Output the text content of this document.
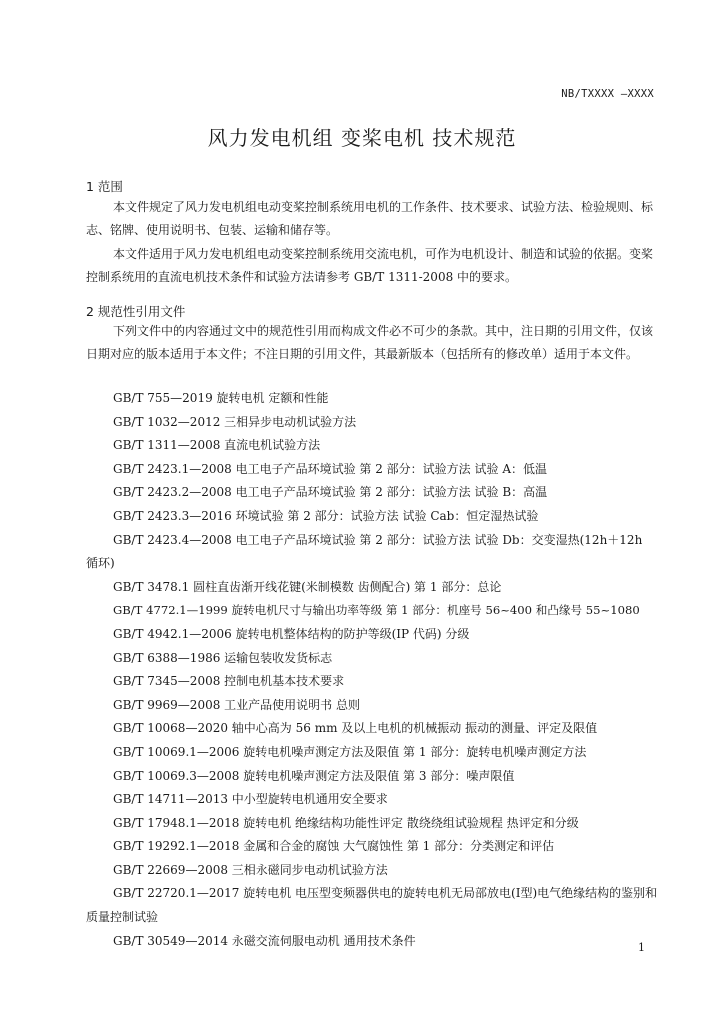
NB/TXXXX —XXXX
风力发电机组 变桨电机 技术规范
1 范围

本文件规定了风力发电机组电动变桨控制系统用电机的工作条件、技术要求、试验方法、检验规则、标志、铭牌、使用说明书、包装、运输和储存等。

本文件适用于风力发电机组电动变桨控制系统用交流电机，可作为电机设计、制造和试验的依据。变桨控制系统用的直流电机技术条件和试验方法请参考 GB/T 1311-2008 中的要求。

2 规范性引用文件

下列文件中的内容通过文中的规范性引用而构成文件必不可少的条款。其中，注日期的引用文件，仅该日期对应的版本适用于本文件；不注日期的引用文件，其最新版本（包括所有的修改单）适用于本文件。

GB/T 755—2019 旋转电机 定额和性能
GB/T 1032—2012 三相异步电动机试验方法
GB/T 1311—2008 直流电机试验方法
GB/T 2423.1—2008 电工电子产品环境试验 第 2 部分：试验方法 试验 A：低温
GB/T 2423.2—2008 电工电子产品环境试验 第 2 部分：试验方法 试验 B：高温
GB/T 2423.3—2016 环境试验 第 2 部分：试验方法 试验 Cab：恒定湿热试验
GB/T 2423.4—2008 电工电子产品环境试验 第 2 部分：试验方法 试验 Db：交变湿热(12h＋12h 循环)
GB/T 3478.1 圆柱直齿渐开线花键(米制模数 齿侧配合) 第 1 部分：总论
GB/T 4772.1—1999 旋转电机尺寸与输出功率等级 第 1 部分：机座号 56~400 和凸缘号 55~1080
GB/T 4942.1—2006 旋转电机整体结构的防护等级(IP 代码) 分级
GB/T 6388—1986 运输包装收发货标志
GB/T 7345—2008 控制电机基本技术要求
GB/T 9969—2008 工业产品使用说明书 总则
GB/T 10068—2020 轴中心高为 56 mm 及以上电机的机械振动 振动的测量、评定及限值
GB/T 10069.1—2006 旋转电机噪声测定方法及限值 第 1 部分：旋转电机噪声测定方法
GB/T 10069.3—2008 旋转电机噪声测定方法及限值 第 3 部分：噪声限值
GB/T 14711—2013 中小型旋转电机通用安全要求
GB/T 17948.1—2018 旋转电机 绝缘结构功能性评定 散绕绕组试验规程 热评定和分级
GB/T 19292.1—2018 金属和合金的腐蚀 大气腐蚀性 第 1 部分：分类测定和评估
GB/T 22669—2008 三相永磁同步电动机试验方法
GB/T 22720.1—2017 旋转电机 电压型变频器供电的旋转电机无局部放电(Ⅰ型)电气绝缘结构的鉴别和质量控制试验
GB/T 30549—2014 永磁交流伺服电动机 通用技术条件	1
